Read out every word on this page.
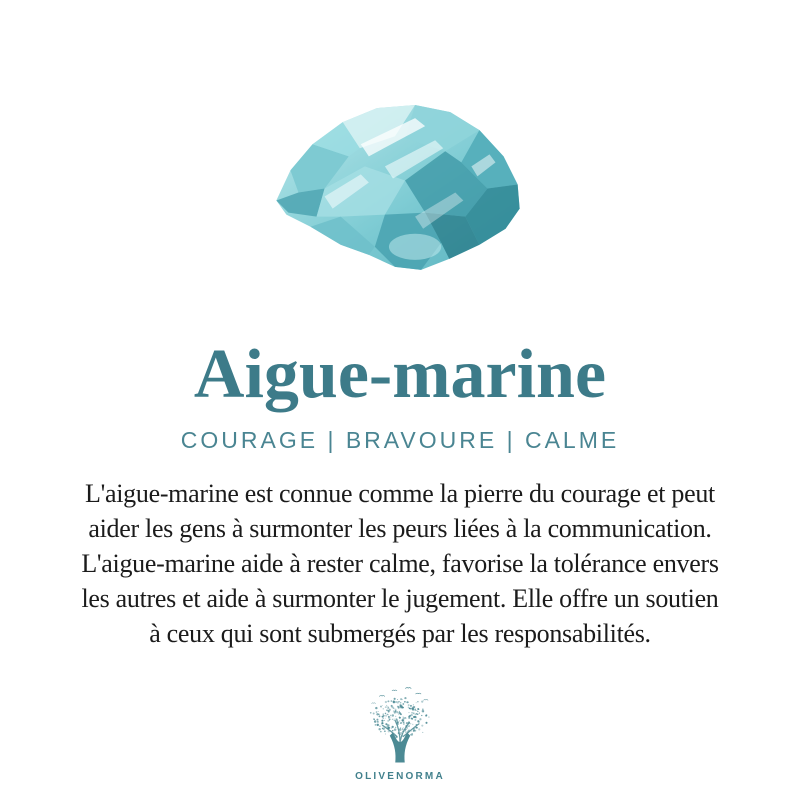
Aigue-marine
COURAGE | BRAVOURE | CALME
L'aigue-marine est connue comme la pierre du courage et peut
aider les gens à surmonter les peurs liées à la communication.
L'aigue-marine aide à rester calme, favorise la tolérance envers
les autres et aide à surmonter le jugement. Elle offre un soutien
à ceux qui sont submergés par les responsabilités.
OLIVENORMA
